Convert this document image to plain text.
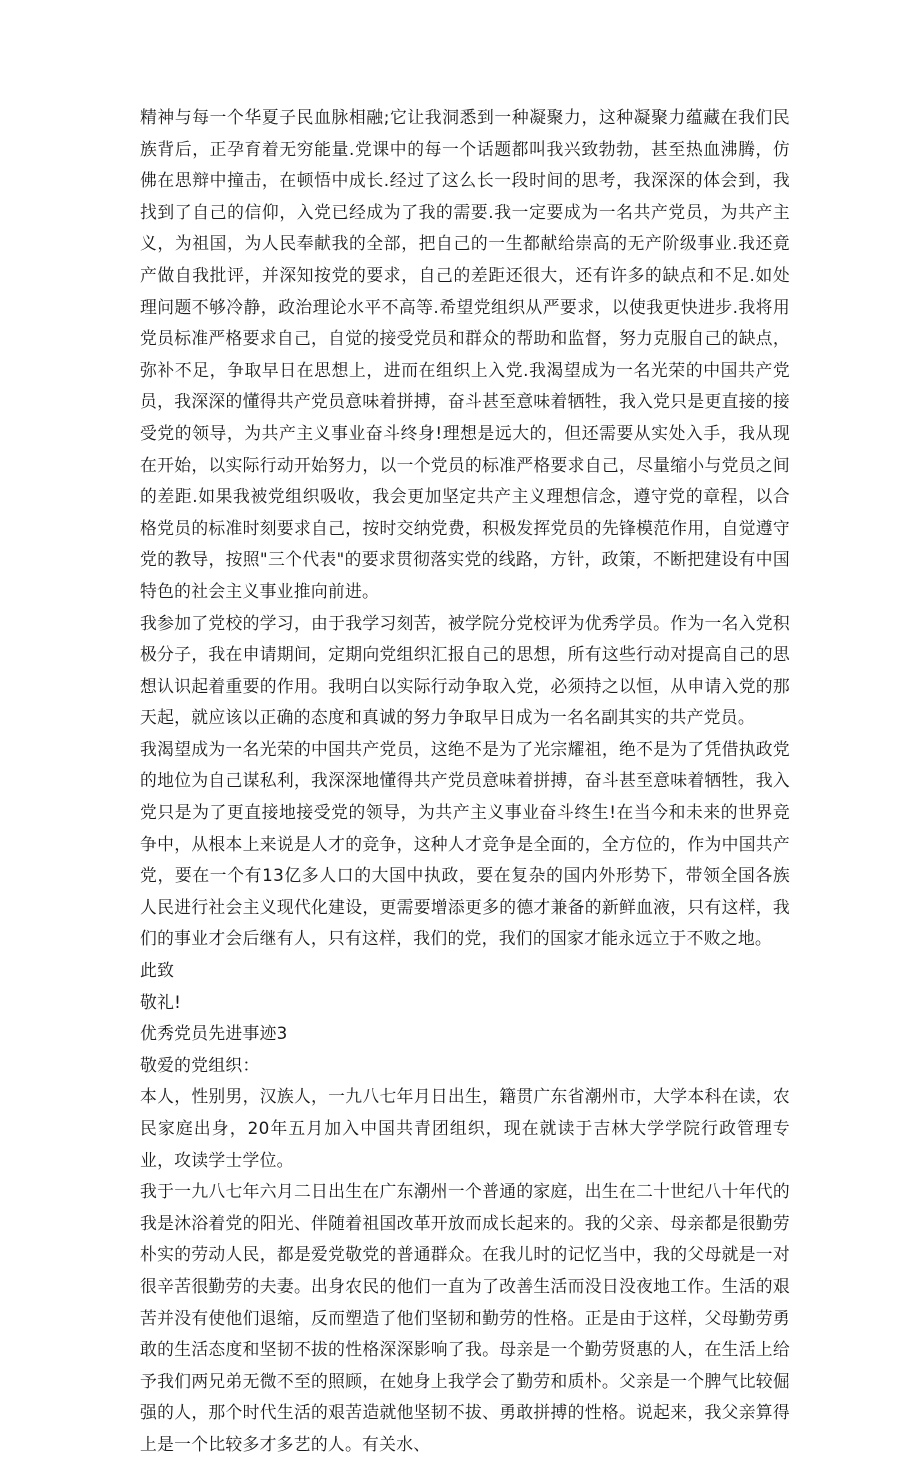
精神与每一个华夏子民血脉相融;它让我洞悉到一种凝聚力，这种凝聚力蕴藏在我们民族背后，正孕育着无穷能量.党课中的每一个话题都叫我兴致勃勃，甚至热血沸腾，仿佛在思辩中撞击，在顿悟中成长.经过了这么长一段时间的思考，我深深的体会到，我找到了自己的信仰，入党已经成为了我的需要.我一定要成为一名共产党员，为共产主义，为祖国，为人民奉献我的全部，把自己的一生都献给崇高的无产阶级事业.我还竟产做自我批评，并深知按党的要求，自己的差距还很大，还有许多的缺点和不足.如处理问题不够冷静，政治理论水平不高等.希望党组织从严要求，以使我更快进步.我将用党员标准严格要求自己，自觉的接受党员和群众的帮助和监督，努力克服自己的缺点，弥补不足，争取早日在思想上，进而在组织上入党.我渴望成为一名光荣的中国共产党员，我深深的懂得共产党员意味着拼搏，奋斗甚至意味着牺牲，我入党只是更直接的接受党的领导，为共产主义事业奋斗终身!理想是远大的，但还需要从实处入手，我从现在开始，以实际行动开始努力，以一个党员的标准严格要求自己，尽量缩小与党员之间的差距.如果我被党组织吸收，我会更加坚定共产主义理想信念，遵守党的章程，以合格党员的标准时刻要求自己，按时交纳党费，积极发挥党员的先锋模范作用，自觉遵守党的教导，按照"三个代表"的要求贯彻落实党的线路，方针，政策，不断把建设有中国特色的社会主义事业推向前进。

我参加了党校的学习，由于我学习刻苦，被学院分党校评为优秀学员。作为一名入党积极分子，我在申请期间，定期向党组织汇报自己的思想，所有这些行动对提高自己的思想认识起着重要的作用。我明白以实际行动争取入党，必须持之以恒，从申请入党的那天起，就应该以正确的态度和真诚的努力争取早日成为一名名副其实的共产党员。

我渴望成为一名光荣的中国共产党员，这绝不是为了光宗耀祖，绝不是为了凭借执政党的地位为自己谋私利，我深深地懂得共产党员意味着拼搏，奋斗甚至意味着牺牲，我入党只是为了更直接地接受党的领导，为共产主义事业奋斗终生!在当今和未来的世界竞争中，从根本上来说是人才的竞争，这种人才竞争是全面的，全方位的，作为中国共产党，要在一个有13亿多人口的大国中执政，要在复杂的国内外形势下，带领全国各族人民进行社会主义现代化建设，更需要增添更多的德才兼备的新鲜血液，只有这样，我们的事业才会后继有人，只有这样，我们的党，我们的国家才能永远立于不败之地。

此致

敬礼!

优秀党员先进事迹3

敬爱的党组织：

本人，性别男，汉族人，一九八七年月日出生，籍贯广东省潮州市，大学本科在读，农民家庭出身，20年五月加入中国共青团组织，现在就读于吉林大学学院行政管理专业，攻读学士学位。

我于一九八七年六月二日出生在广东潮州一个普通的家庭，出生在二十世纪八十年代的我是沐浴着党的阳光、伴随着祖国改革开放而成长起来的。我的父亲、母亲都是很勤劳朴实的劳动人民，都是爱党敬党的普通群众。在我儿时的记忆当中，我的父母就是一对很辛苦很勤劳的夫妻。出身农民的他们一直为了改善生活而没日没夜地工作。生活的艰苦并没有使他们退缩，反而塑造了他们坚韧和勤劳的性格。正是由于这样，父母勤劳勇敢的生活态度和坚韧不拔的性格深深影响了我。母亲是一个勤劳贤惠的人，在生活上给予我们两兄弟无微不至的照顾，在她身上我学会了勤劳和质朴。父亲是一个脾气比较倔强的人，那个时代生活的艰苦造就他坚韧不拔、勇敢拼搏的性格。说起来，我父亲算得上是一个比较多才多艺的人。有关水、
